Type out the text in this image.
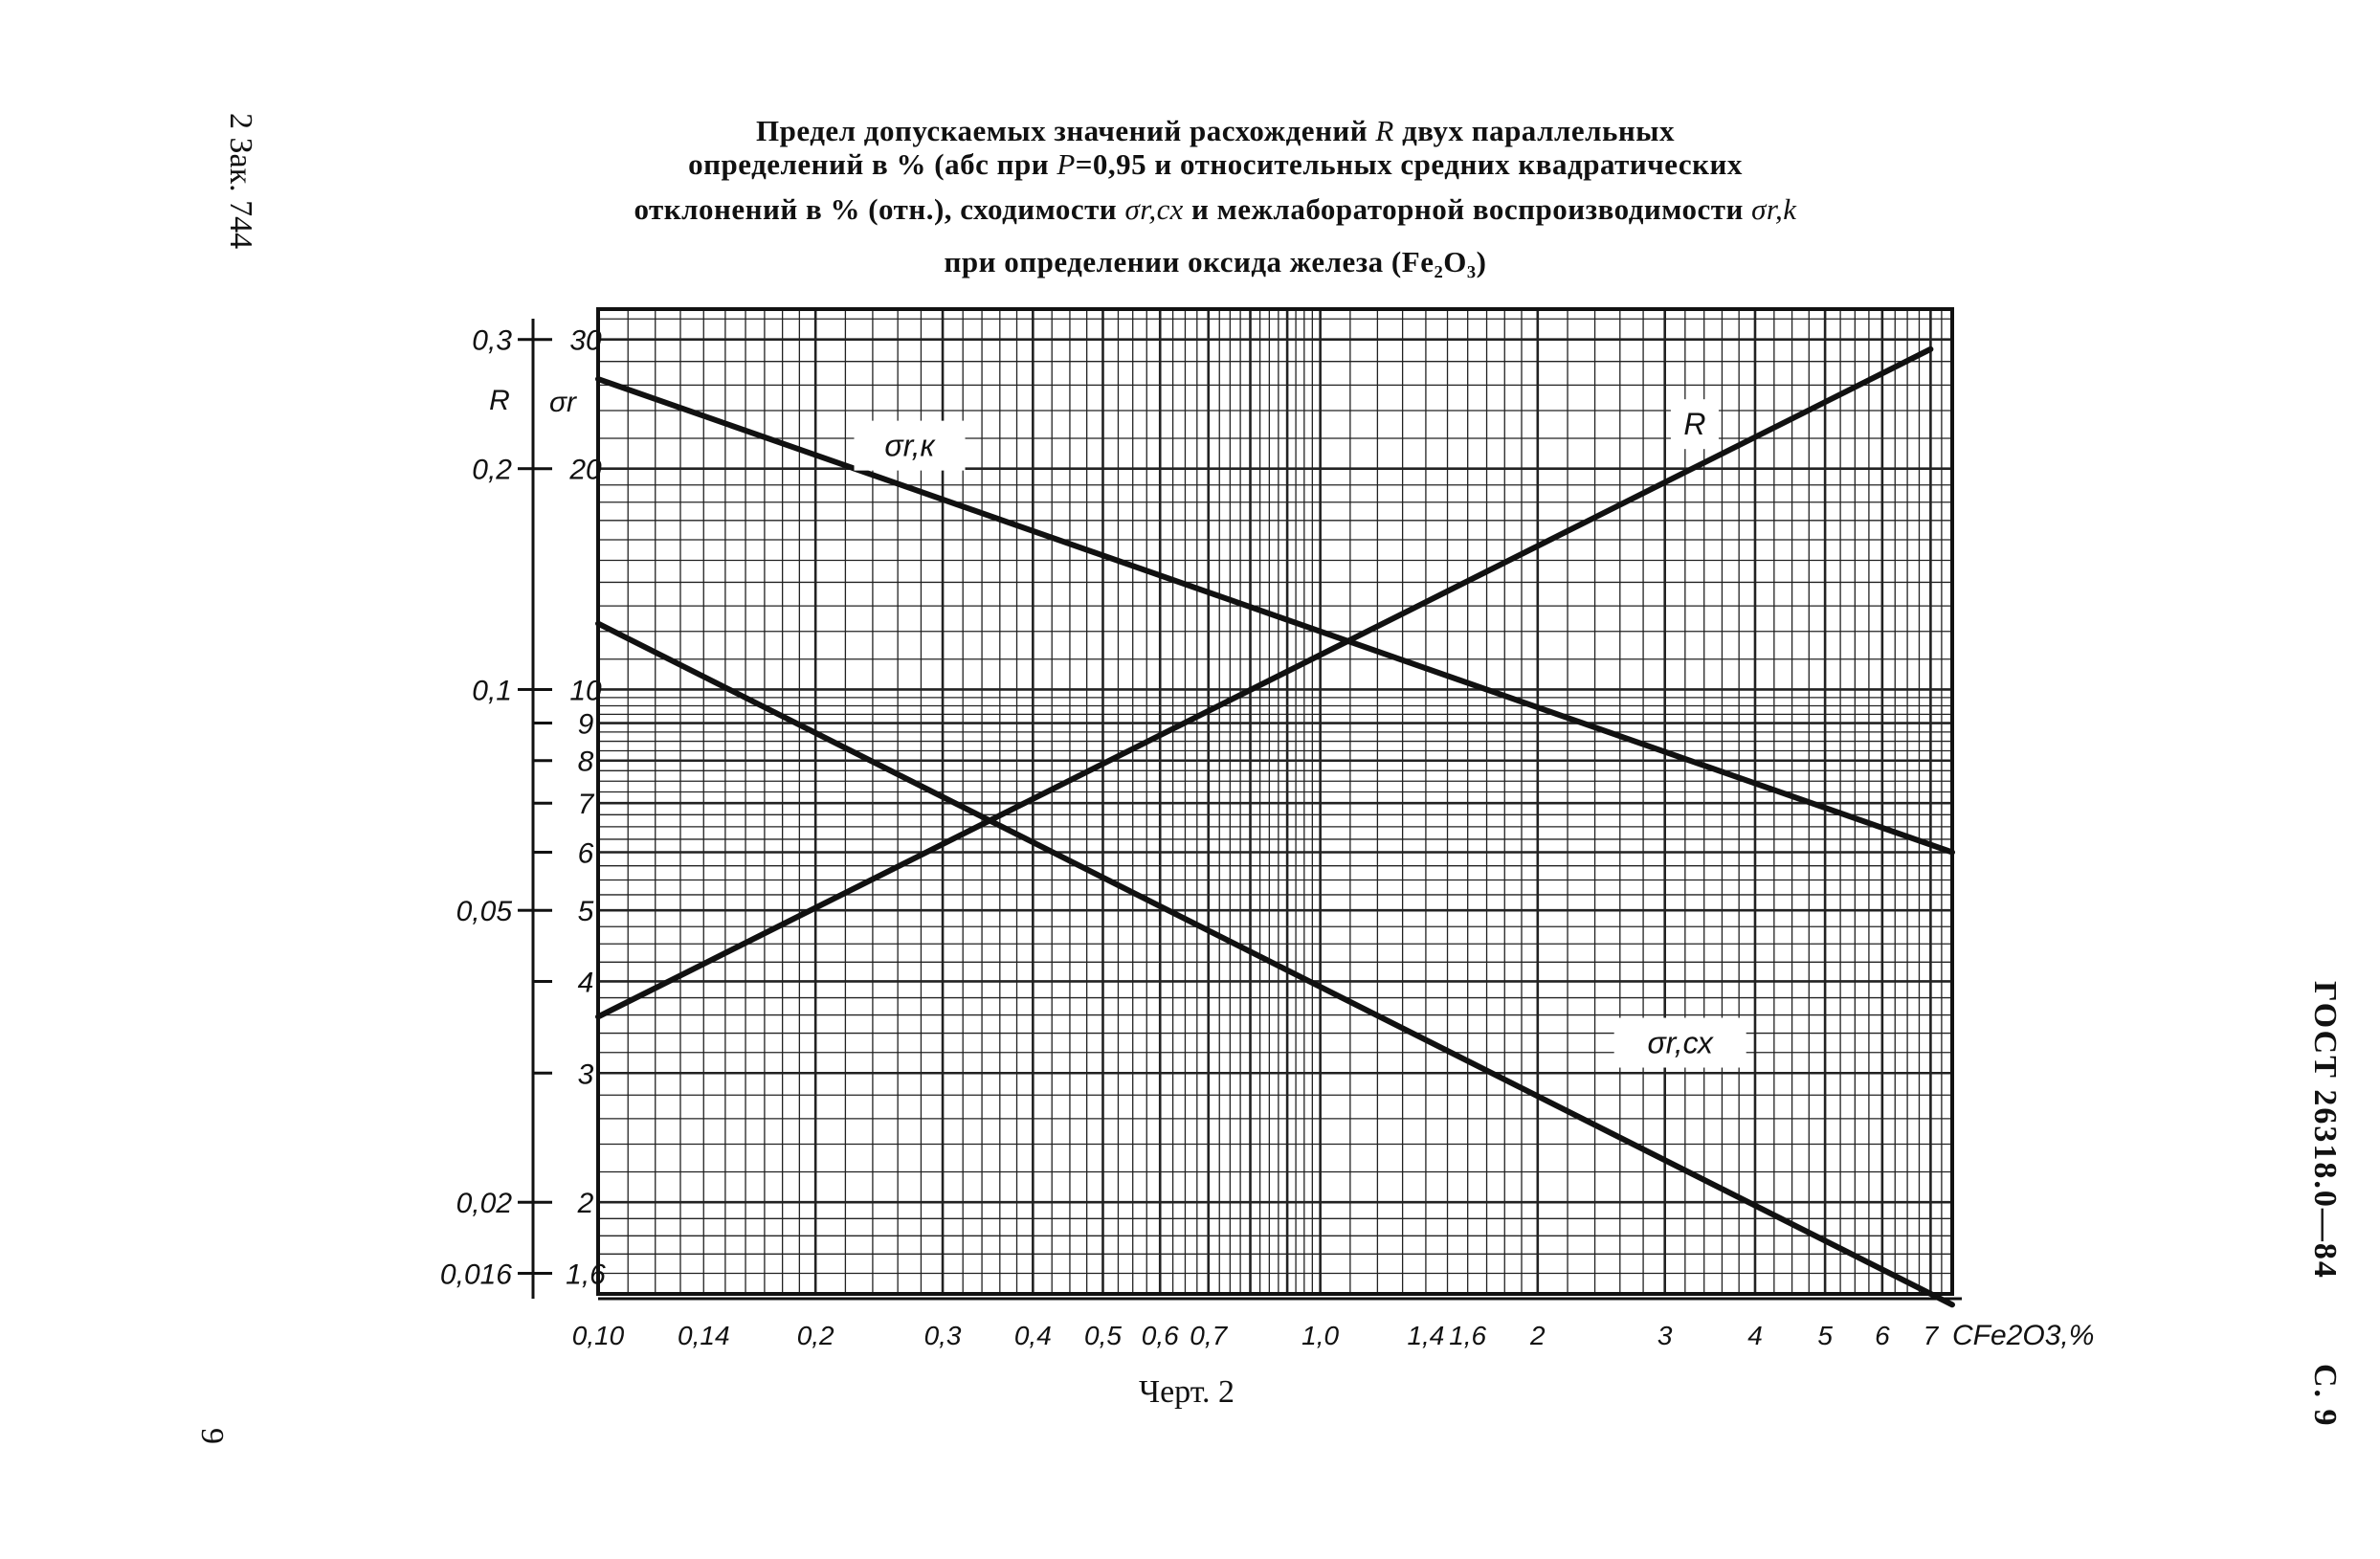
30
20
10
9
8
7
6
5
4
3
2
1,6
0,3
0,2
0,1
0,05
0,02
0,016
R σr
0,10 0,14	0,2	0,3 0,4 0,5 0,6 0,7	1,0	1,4 1,6 2	3	4 5 6 7 CFe2O3,%
σr,к
R
σr,сх
Предел допускаемых значений расхождений R двух параллельных
определений в % (абс при P=0,95 и относительных средних квадратических
отклонений в % (отн.), сходимости σr,сх и межлабораторной воспроизводимости σr,k
при определении оксида железа (Fe₂O₃)
Черт. 2
2 Зак. 744
9
ГОСТ 26318.0—84
С. 9
